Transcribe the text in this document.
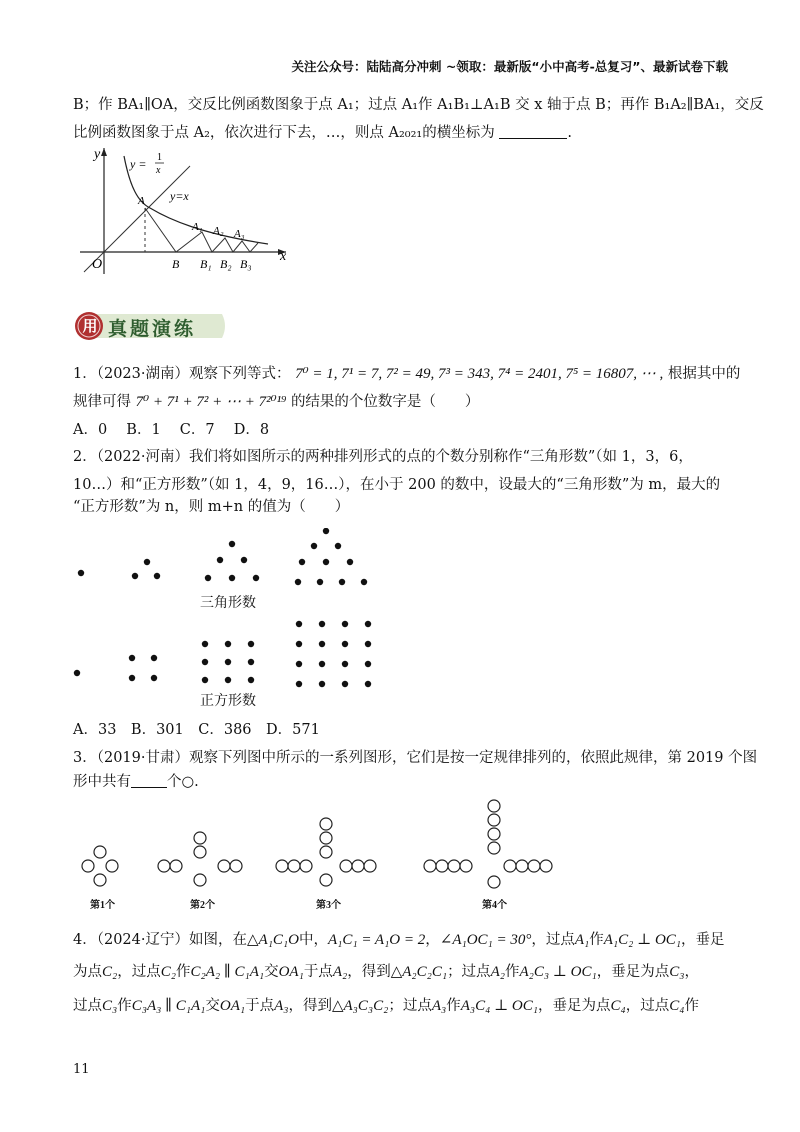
关注公众号：陆陆高分冲刺 ~领取：最新版“小中高考-总复习”、最新试卷下载
B；作 BA₁∥OA，交反比例函数图象于点 A₁；过点 A₁作 A₁B₁⊥A₁B 交 x 轴于点 B；再作 B₁A₂∥BA₁，交反
比例函数图象于点 A₂，依次进行下去，…，则点 A₂₀₂₁的横坐标为	.
y
x
O
y = 1
x
y=x
A
A₁ A₂ A₃
B B₁ B₂ B₃
用 真题演练
1．（2023·湖南）观察下列等式： 7⁰ = 1, 7¹ = 7, 7² = 49, 7³ = 343, 7⁴ = 2401, 7⁵ = 16807, ⋯ , 根据其中的
规律可得 7⁰ + 7¹ + 7² + ⋯ + 7²⁰¹⁹ 的结果的个位数字是（　　）
A．0　 B．1　 C．7　 D．8
2．（2022·河南）我们将如图所示的两种排列形式的点的个数分别称作“三角形数”（如 1，3，6，
10…）和“正方形数”（如 1，4，9，16…），在小于 200 的数中，设最大的“三角形数”为 m，最大的
“正方形数”为 n，则 m+n 的值为（　　）
三角形数
正方形数
A．33　B．301　C．386　D．571
3．（2019·甘肃）观察下列图中所示的一系列图形，它们是按一定规律排列的，依照此规律，第 2019 个图
形中共有 个○.
第1个	第2个	第3个	第4个
4．（2024·辽宁）如图，在△A₁C₁O中，A₁C₁ = A₁O = 2，∠A₁OC₁ = 30°，过点A₁作A₁C₂ ⊥ OC₁，垂足
为点C₂，过点C₂作C₂A₂ ∥ C₁A₁交OA₁于点A₂，得到△A₂C₂C₁；过点A₂作A₂C₃ ⊥ OC₁，垂足为点C₃，
过点C₃作C₃A₃ ∥ C₁A₁交OA₁于点A₃，得到△A₃C₃C₂；过点A₃作A₃C₄ ⊥ OC₁，垂足为点C₄，过点C₄作
11
